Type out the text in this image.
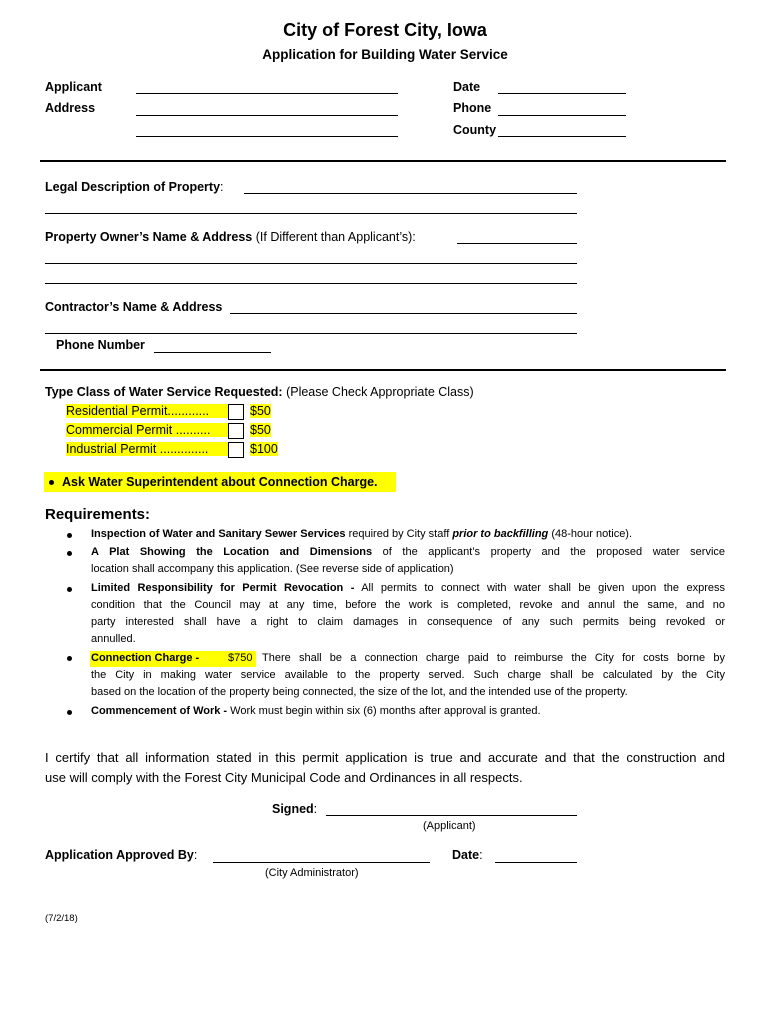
City of Forest City, Iowa
Application for Building Water Service
Applicant
Address
Date
Phone
County
Legal Description of Property:
Property Owner’s Name & Address (If Different than Applicant’s):
Contractor’s Name & Address
Phone Number
Type Class of Water Service Requested: (Please Check Appropriate Class)
Residential Permit............	$50
Commercial Permit ..........	$50
Industrial Permit ..............	$100
Ask Water Superintendent about Connection Charge.
Requirements:
Inspection of Water and Sanitary Sewer Services required by City staff prior to backfilling (48-hour notice).
A Plat Showing the Location and Dimensions of the applicant’s property and the proposed water service
location shall accompany this application. (See reverse side of application)
Limited Responsibility for Permit Revocation - All permits to connect with water shall be given upon the express
condition that the Council may at any time, before the work is completed, revoke and annul the same, and no
party interested shall have a right to claim damages in consequence of any such permits being revoked or
annulled.
Connection Charge -	$750 There shall be a connection charge paid to reimburse the City for costs borne by
the City in making water service available to the property served. Such charge shall be calculated by the City
based on the location of the property being connected, the size of the lot, and the intended use of the property.
Commencement of Work - Work must begin within six (6) months after approval is granted.
I certify that all information stated in this permit application is true and accurate and that the construction and
use will comply with the Forest City Municipal Code and Ordinances in all respects.
Signed:
(Applicant)
Application Approved By:
(City Administrator)
Date:
(7/2/18)
